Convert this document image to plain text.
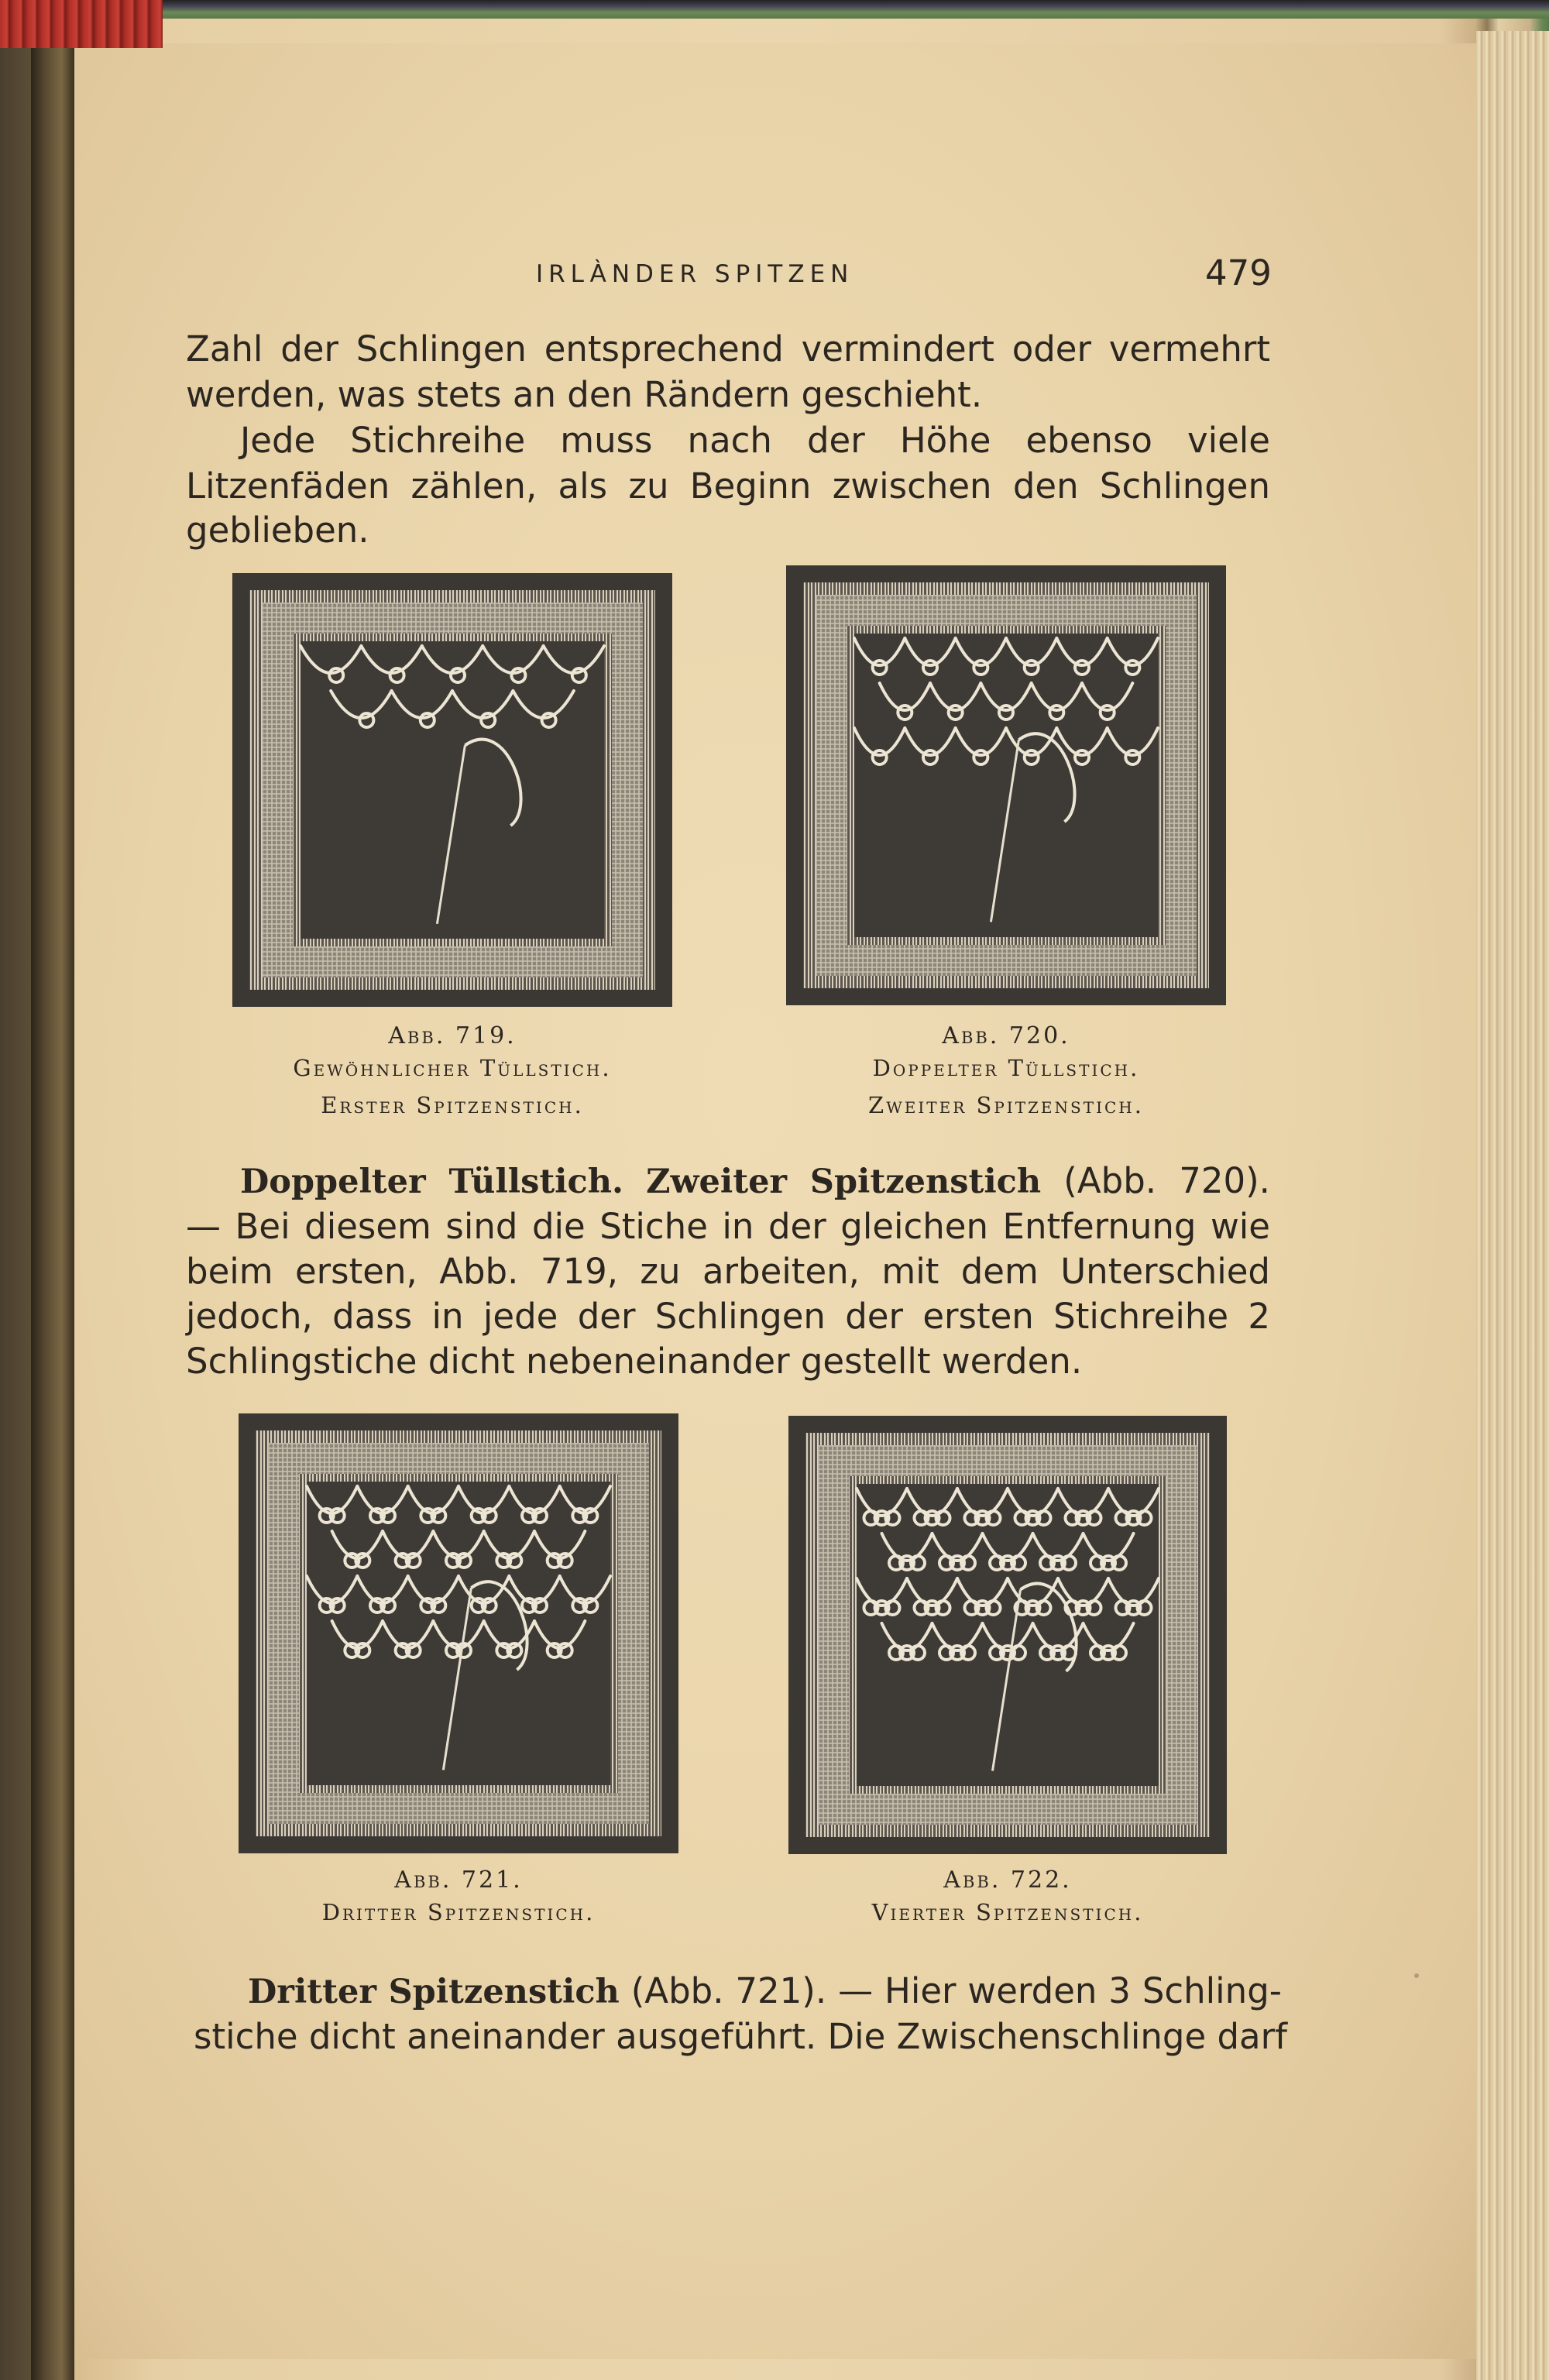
IRLÀNDER SPITZEN	479
Zahl der Schlingen entsprechend vermindert oder vermehrt
werden, was stets an den Rändern geschieht.
Jede Stichreihe muss nach der Höhe ebenso viele
Litzenfäden zählen, als zu Beginn zwischen den Schlingen
geblieben.
Abb. 719.
Gewöhnlicher Tüllstich.
Erster Spitzenstich.
Abb. 720.
Doppelter Tüllstich.
Zweiter Spitzenstich.
Doppelter Tüllstich. Zweiter Spitzenstich (Abb. 720).
— Bei diesem sind die Stiche in der gleichen Entfernung wie
beim ersten, Abb. 719, zu arbeiten, mit dem Unterschied
jedoch, dass in jede der Schlingen der ersten Stichreihe 2
Schlingstiche dicht nebeneinander gestellt werden.
Abb. 721.
Dritter Spitzenstich.
Abb. 722.
Vierter Spitzenstich.
Dritter Spitzenstich (Abb. 721). — Hier werden 3 Schling-
stiche dicht aneinander ausgeführt. Die Zwischenschlinge darf
